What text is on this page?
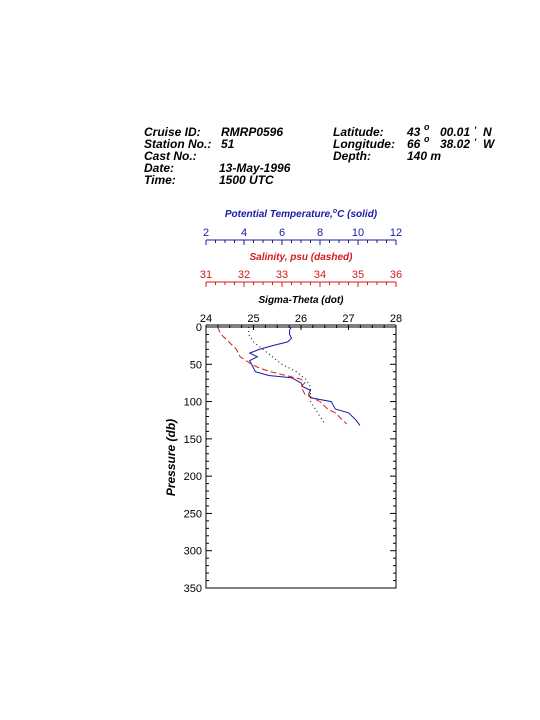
Cruise ID: RMRP0596
Station No.: 51
Cast No.:
Date:	13-May-1996
Time:	1500 UTC
Latitude: 43 o 00.01 ' N
Longitude: 66 o 38.02 ' W
Depth:	140 m
2	4	6	8	10 12
Potential Temperature,$^o$C (solid)
31 32 33 34 35 36
Salinity, psu (dashed)
24	25	26	27	28
Sigma-Theta (dot)
0
50
100
150
200
250
300
350
Pressure (db)
